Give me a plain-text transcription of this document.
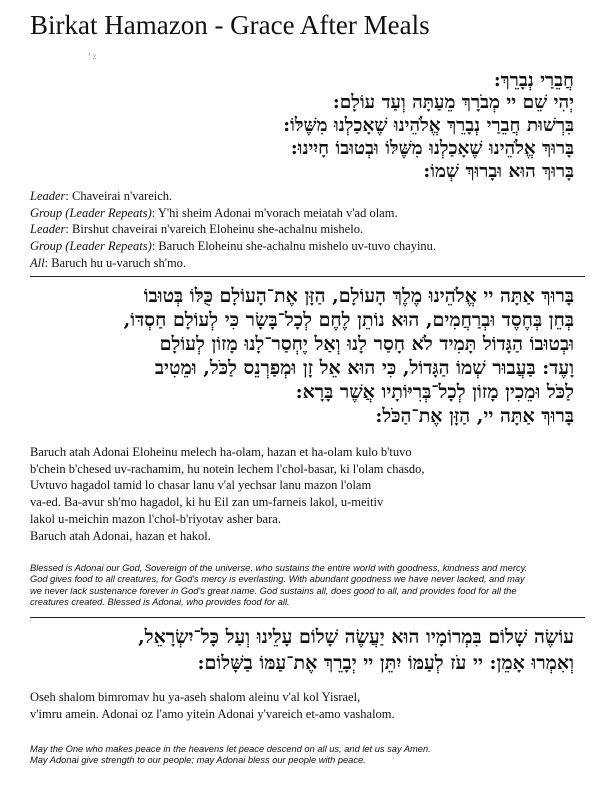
Birkat Hamazon - Grace After Meals
׳ ٪
חֲבֵרַי נְבָרֵךְ:
יְהִי שֵׁם יי מְבֹרָךְ מֵעַתָּה וְעַד עוֹלָם:
בִּרְשׁוּת חֲבֵרַי נְבָרֵךְ אֱלֹהֵינוּ שֶׁאָכַלְנוּ מִשֶּׁלּוֹ:
בָּרוּךְ אֱלֹהֵינוּ שֶׁאָכַלְנוּ מִשֶּׁלּוֹ וּבְטוּבוֹ חָיִינוּ:
בָּרוּךְ הוּא וּבָרוּךְ שְׁמוֹ:
Leader: Chaveirai n'vareich.
Group (Leader Repeats): Y'hi sheim Adonai m'vorach meiatah v'ad olam.
Leader: Birshut chaveirai n'vareich Eloheinu she-achalnu mishelo.
Group (Leader Repeats): Baruch Eloheinu she-achalnu mishelo uv-tuvo chayinu.
All: Baruch hu u-varuch sh'mo.
בָּרוּךְ אַתָּה יי אֱלֹהֵינוּ מֶלֶךְ הָעוֹלָם, הַזָּן אֶת־הָעוֹלָם כֻּלּוֹ בְּטוּבוֹ
בְּחֵן בְּחֶסֶד וּבְרַחֲמִים, הוּא נוֹתֵן לֶחֶם לְכָל־בָּשָׂר כִּי לְעוֹלָם חַסְדּוֹ,
וּבְטוּבוֹ הַגָּדוֹל תָּמִיד לֹא חָסַר לָנוּ וְאַל יֶחְסַר־לָנוּ מָזוֹן לְעוֹלָם
וָעֶד: בַּעֲבוּר שְׁמוֹ הַגָּדוֹל, כִּי הוּא אֵל זָן וּמְפַרְנֵס לַכֹּל, וּמֵטִיב
לַכֹּל וּמֵכִין מָזוֹן לְכָל־בְּרִיּוֹתָיו אֲשֶׁר בָּרָא:
בָּרוּךְ אַתָּה יי, הַזָּן אֶת־הַכֹּל:
Baruch atah Adonai Eloheinu melech ha-olam, hazan et ha-olam kulo b'tuvo
b'chein b'chesed uv-rachamim, hu notein lechem l'chol-basar, ki l'olam chasdo,
Uvtuvo hagadol tamid lo chasar lanu v'al yechsar lanu mazon l'olam
va-ed. Ba-avur sh'mo hagadol, ki hu Eil zan um-farneis lakol, u-meitiv
lakol u-meichin mazon l'chol-b'riyotav asher bara.
Baruch atah Adonai, hazan et hakol.
Blessed is Adonai our God, Sovereign of the universe, who sustains the entire world with goodness, kindness and mercy.
God gives food to all creatures, for God's mercy is everlasting. With abundant goodness we have never lacked, and may
we never lack sustenance forever in God's great name. God sustains all, does good to all, and provides food for all the
creatures created. Blessed is Adonai, who provides food for all.
עוֹשֶׂה שָׁלוֹם בִּמְרוֹמָיו הוּא יַעֲשֶׂה שָׁלוֹם עָלֵינוּ וְעַל כָּל־יִשְׂרָאֵל,
וְאִמְרוּ אָמֵן: יי עֹז לְעַמּוֹ יִתֵּן יי יְבָרֵךְ אֶת־עַמּוֹ בַשָּׁלוֹם:
Oseh shalom bimromav hu ya-aseh shalom aleinu v'al kol Yisrael,
v'imru amein. Adonai oz l'amo yitein Adonai y'vareich et-amo vashalom.
May the One who makes peace in the heavens let peace descend on all us, and let us say Amen.
May Adonai give strength to our people; may Adonai bless our people with peace.
